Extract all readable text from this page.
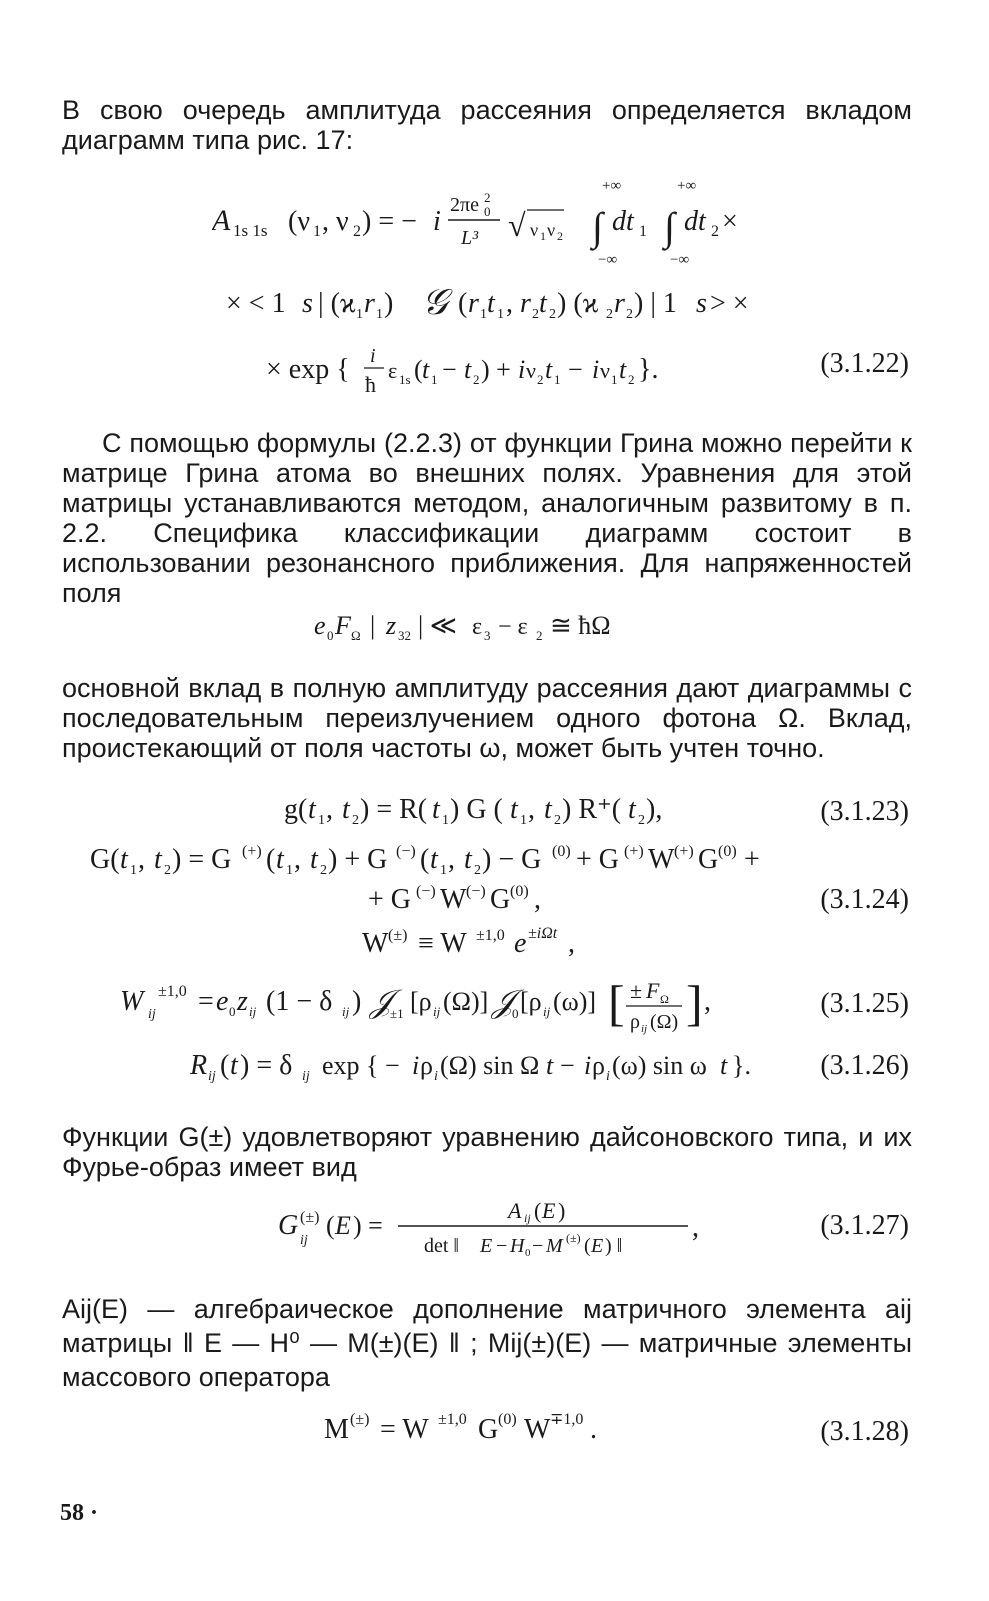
В свою очередь амплитуда рассеяния определяется вкладом диаграмм типа рис. 17:
A 1s 1s (ν 1 , ν 2 ) = − i
2πe 2
0
L³ √ ν 1 ν 2
+∞
∫
−∞
dt 1
+∞
∫
−∞
dt 2 ×
× < 1 s | (ϰ 1 r 1 ) 𝒢 ( r 1 t 1 , r 2 t 2 ) (ϰ 2 r 2 ) | 1 s > ×
× exp { i
ħ
ε 1s ( t 1 − t 2 ) + i ν 2 t 1 − i ν 1 t 2 }.	(3.1.22)
С помощью формулы (2.2.3) от функции Грина можно перейти к матрице Грина атома во внешних полях. Уравнения для этой матрицы устанавливаются методом, аналогичным развитому в п. 2.2. Специфика классификации диаграмм состоит в использовании резонансного приближения. Для напряженностей поля
e 0 F Ω | z 32 | ≪ ε 3 − ε 2 ≅ ħΩ
основной вклад в полную амплитуду рассеяния дают диаграммы с последовательным переизлучением одного фотона Ω. Вклад, проистекающий от поля частоты ω, может быть учтен точно.
g( t 1 , t 2 ) = R( t 1 ) G ( t 1 , t 2 ) R⁺( t 2 ),	(3.1.23)
G( t 1 , t 2 ) = G (+) ( t 1 , t 2 ) + G (−) ( t 1 , t 2 ) − G (0) + G (+) W (+) G (0) +
+ G (−) W (−) G (0) ,	(3.1.24)
W (±) ≡ W ±1,0 e ±iΩt ,
W ij
±1,0 = e 0 z ij (1 − δ ij ) 𝒥
±1 [ρ ij (Ω)] 𝒥
0 [ρ ij (ω)] [ ± F Ω
ρ ij (Ω) ] ,	(3.1.25)
R ij ( t ) = δ ij exp { − i ρ i (Ω) sin Ω t − i ρ i (ω) sin ω t }. (3.1.26)
Функции G(±) удовлетворяют уравнению дайсоновского типа, и их Фурье-образ имеет вид
G (±)
ij
( E ) =
A ij ( E )
det ‖ E − H 0 − M (±) ( E ) ‖
,	(3.1.27)
Aij(E) — алгебраическое дополнение матричного элемента aij матрицы ‖ E — H⁰ — M(±)(E) ‖ ; Mij(±)(E) — матричные элементы массового оператора
M (±) = W ±1,0 G (0) W ∓1,0 .	(3.1.28)
58 ·
